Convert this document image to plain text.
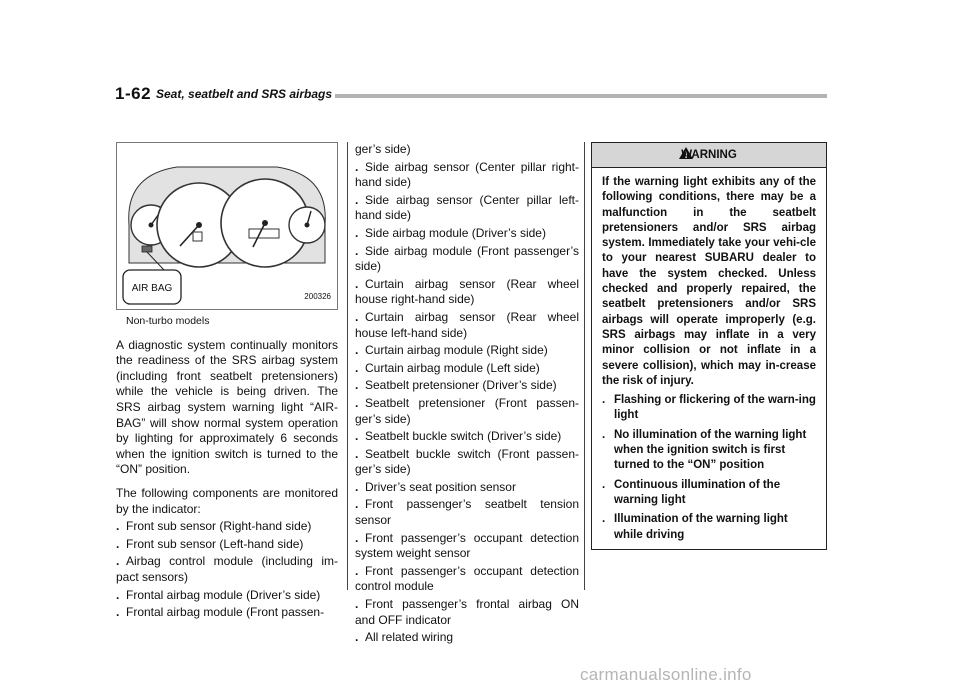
1-62 Seat, seatbelt and SRS airbags
AIR BAG
200326

Non-turbo models

A diagnostic system continually monitors the readiness of the SRS airbag system (including front seatbelt pretensioners) while the vehicle is being driven. The SRS airbag system warning light “AIR-BAG” will show normal system operation by lighting for approximately 6 seconds when the ignition switch is turned to the “ON” position.

The following components are monitored by the indicator:

. Front sub sensor (Right-hand side)

. Front sub sensor (Left-hand side)

. Airbag control module (including im-pact sensors)

. Frontal airbag module (Driver’s side)

. Frontal airbag module (Front passen-

ger’s side)

. Side airbag sensor (Center pillar right-hand side)

. Side airbag sensor (Center pillar left-hand side)

. Side airbag module (Driver’s side)

. Side airbag module (Front passenger’s side)

. Curtain airbag sensor (Rear wheel house right-hand side)

. Curtain airbag sensor (Rear wheel house left-hand side)

. Curtain airbag module (Right side)

. Curtain airbag module (Left side)

. Seatbelt pretensioner (Driver’s side)

. Seatbelt pretensioner (Front passen-ger’s side)

. Seatbelt buckle switch (Driver’s side)

. Seatbelt buckle switch (Front passen-ger’s side)

. Driver’s seat position sensor

. Front passenger’s seatbelt tension sensor

. Front passenger’s occupant detection system weight sensor

. Front passenger’s occupant detection control module

. Front passenger’s frontal airbag ON and OFF indicator

. All related wiring

WARNING

If the warning light exhibits any of the following conditions, there may be a malfunction in the seatbelt pretensioners and/or SRS airbag system. Immediately take your vehi-cle to your nearest SUBARU dealer to have the system checked. Unless checked and properly repaired, the seatbelt pretensioners and/or SRS airbags will operate improperly (e.g. SRS airbags may inflate in a very minor collision or not inflate in a severe collision), which may in-crease the risk of injury.

. Flashing or flickering of the warn-ing light
. No illumination of the warning light when the ignition switch is first turned to the “ON” position
. Continuous illumination of the warning light
. Illumination of the warning light while driving
carmanualsonline.info
